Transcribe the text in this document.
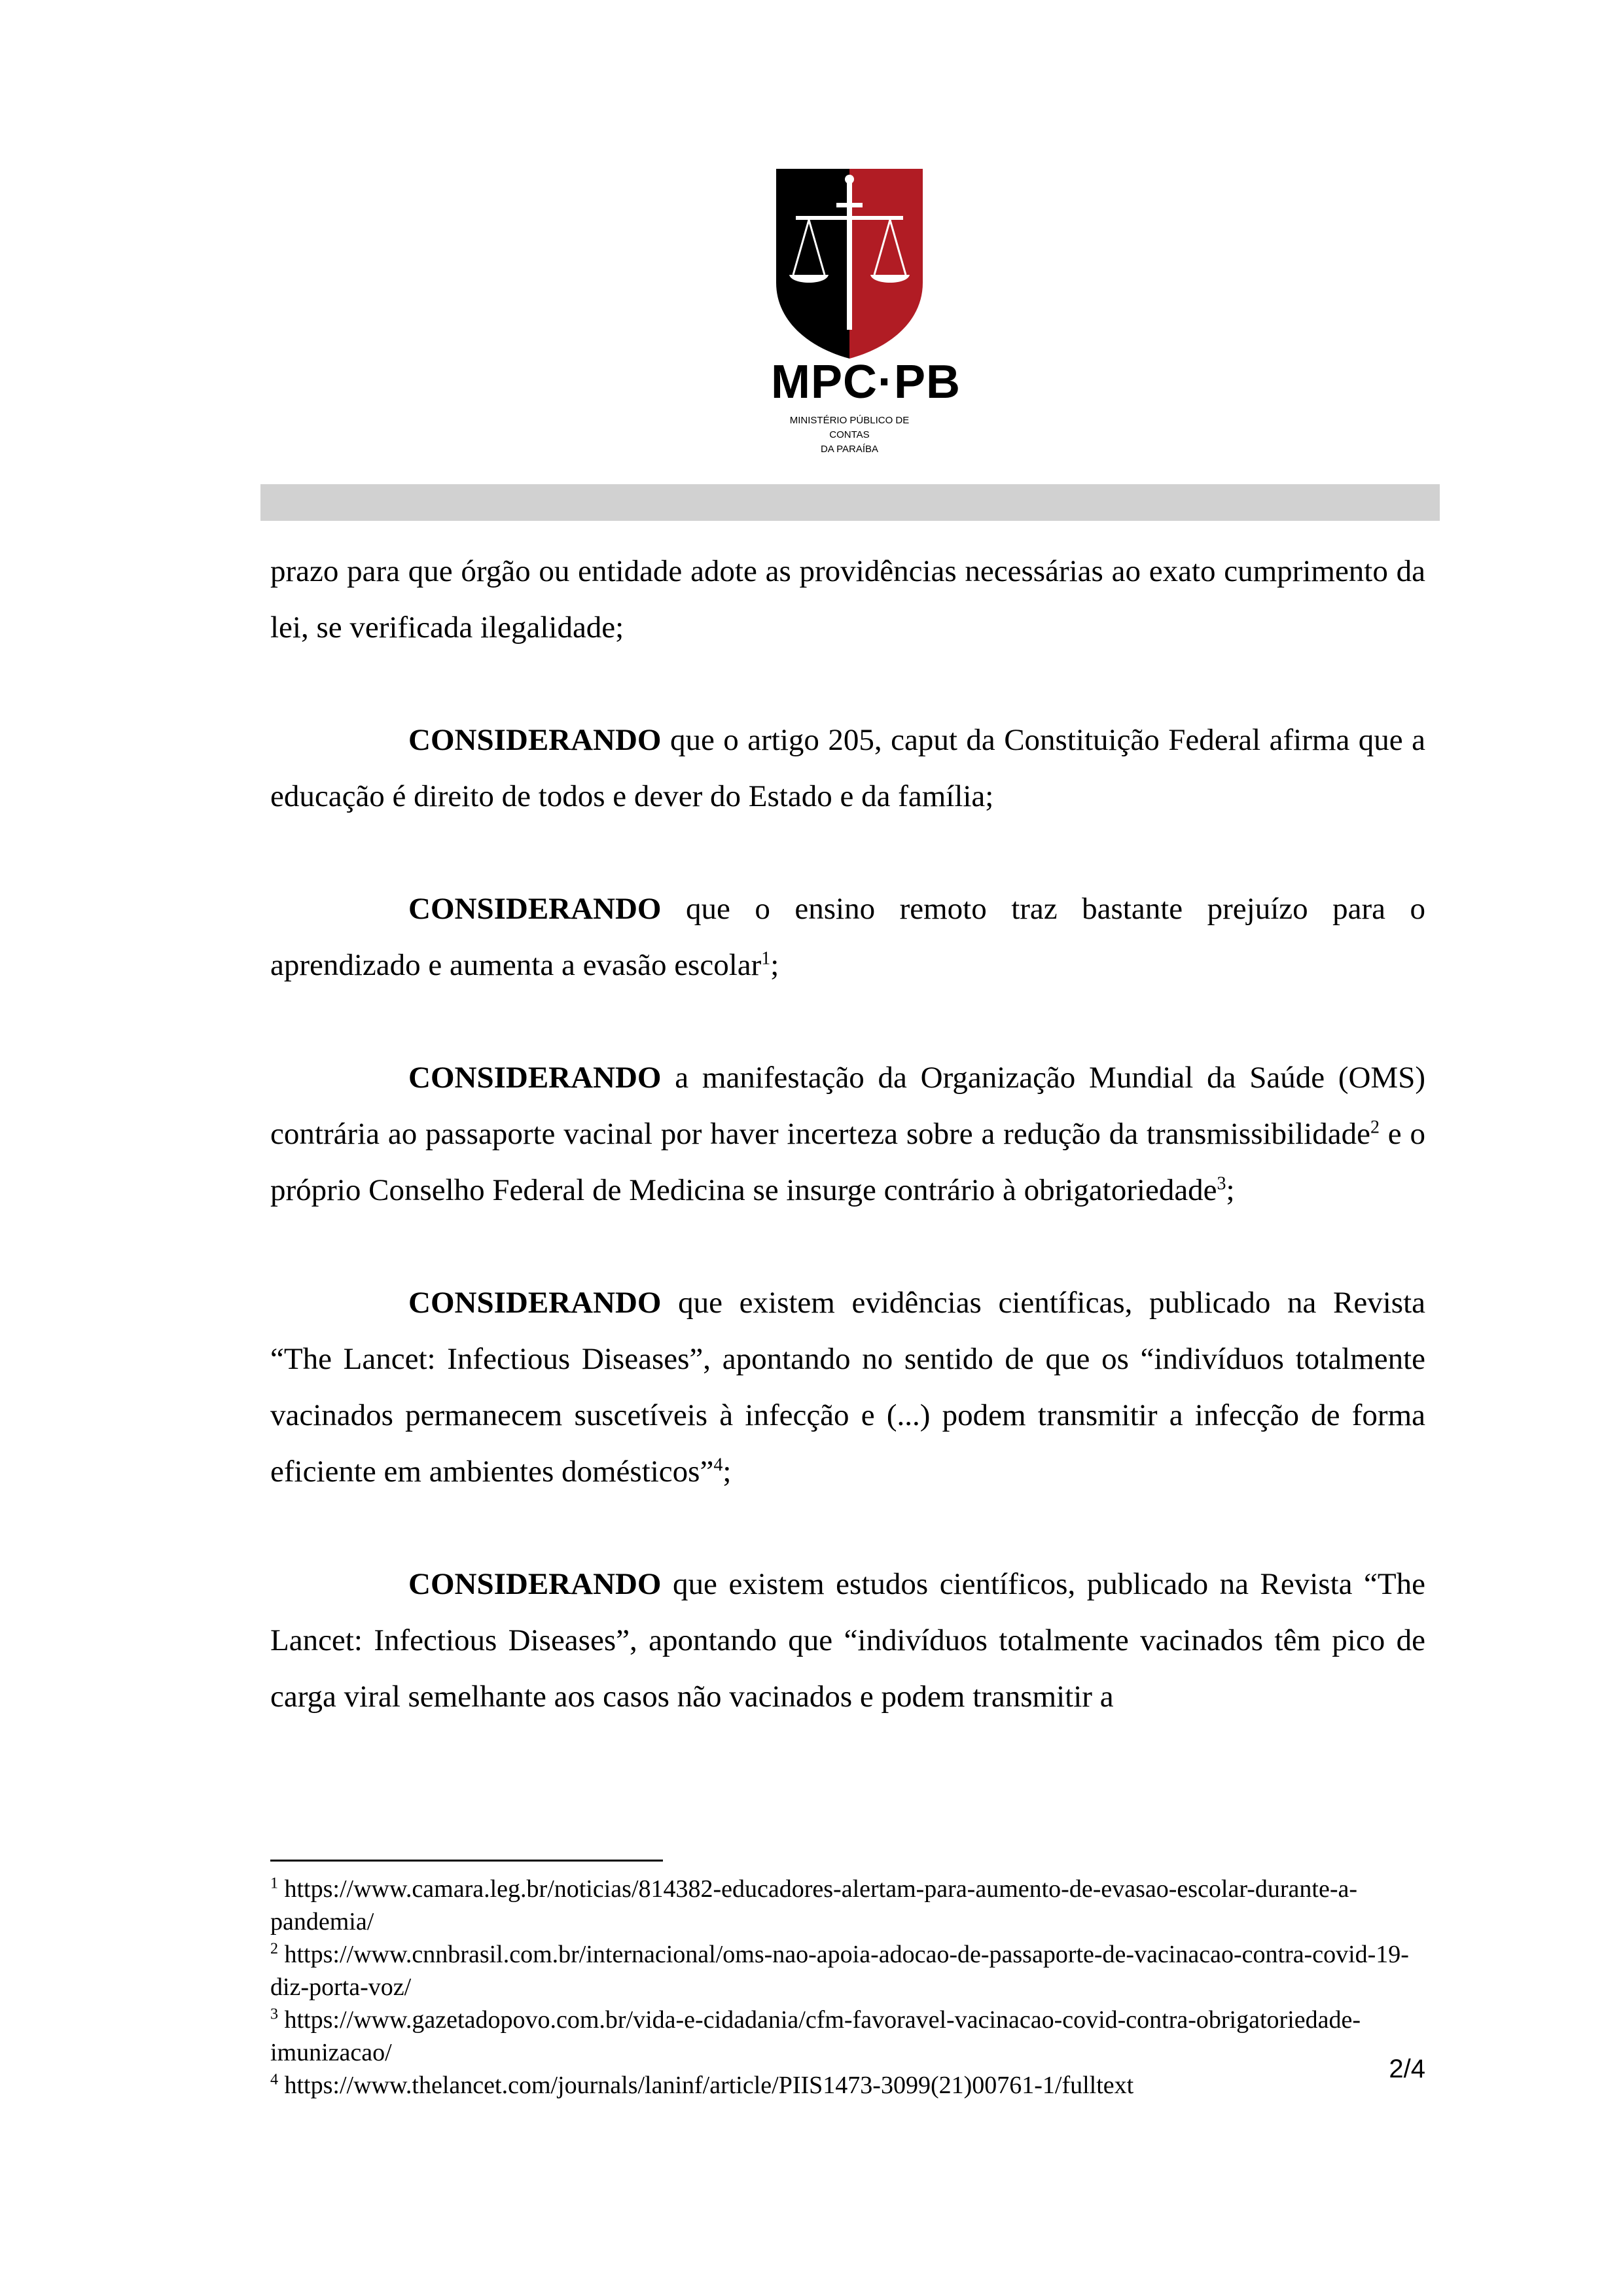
MPC·PB
MINISTÉRIO PÚBLICO DE CONTAS
DA PARAÍBA

prazo para que órgão ou entidade adote as providências necessárias ao exato cumprimento da lei, se verificada ilegalidade;

CONSIDERANDO que o artigo 205, caput da Constituição Federal afirma que a educação é direito de todos e dever do Estado e da família;

CONSIDERANDO que o ensino remoto traz bastante prejuízo para o aprendizado e aumenta a evasão escolar$^1$;

CONSIDERANDO a manifestação da Organização Mundial da Saúde (OMS) contrária ao passaporte vacinal por haver incerteza sobre a redução da transmissibilidade$^2$ e o próprio Conselho Federal de Medicina se insurge contrário à obrigatoriedade$^3$;

CONSIDERANDO que existem evidências científicas, publicado na Revista “The Lancet: Infectious Diseases”, apontando no sentido de que os “indivíduos totalmente vacinados permanecem suscetíveis à infecção e (...) podem transmitir a infecção de forma eficiente em ambientes domésticos”$^4$;

CONSIDERANDO que existem estudos científicos, publicado na Revista “The Lancet: Infectious Diseases”, apontando que “indivíduos totalmente vacinados têm pico de carga viral semelhante aos casos não vacinados e podem transmitir a

$^1$ https://www.camara.leg.br/noticias/814382-educadores-alertam-para-aumento-de-evasao-escolar-durante-a-pandemia/

$^2$ https://www.cnnbrasil.com.br/internacional/oms-nao-apoia-adocao-de-passaporte-de-vacinacao-contra-covid-19-diz-porta-voz/

$^3$ https://www.gazetadopovo.com.br/vida-e-cidadania/cfm-favoravel-vacinacao-covid-contra-obrigatoriedade-imunizacao/

$^4$ https://www.thelancet.com/journals/laninf/article/PIIS1473-3099(21)00761-1/fulltext

2/4
